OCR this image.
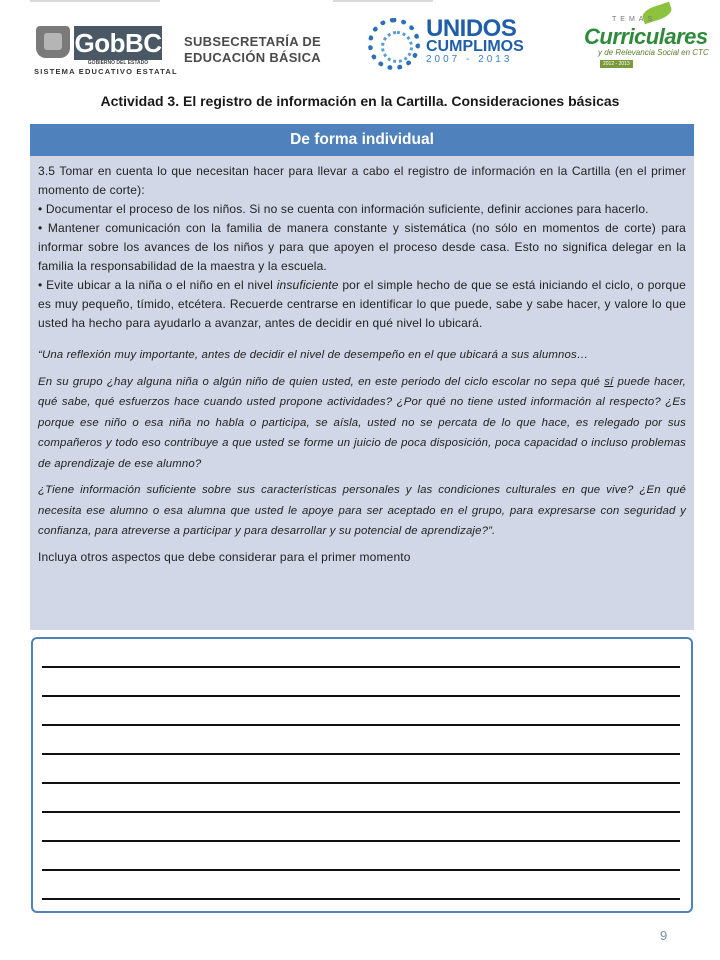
GobBC
GOBIERNO DEL ESTADO
SISTEMA EDUCATIVO ESTATAL
SUBSECRETARÍA DE
EDUCACIÓN BÁSICA
UNIDOS
CUMPLIMOS
2007 - 2013
TEMAS
Curriculares
y de Relevancia Social en CTC
2012 - 2013
Actividad 3. El registro de información en la Cartilla. Consideraciones básicas
De forma individual

3.5 Tomar en cuenta lo que necesitan hacer para llevar a cabo el registro de información en la Cartilla (en el primer momento de corte):

• Documentar el proceso de los niños. Si no se cuenta con información suficiente, definir acciones para hacerlo.

• Mantener comunicación con la familia de manera constante y sistemática (no sólo en momentos de corte) para informar sobre los avances de los niños y para que apoyen el proceso desde casa. Esto no significa delegar en la familia la responsabilidad de la maestra y la escuela.

• Evite ubicar a la niña o el niño en el nivel insuficiente por el simple hecho de que se está iniciando el ciclo, o porque es muy pequeño, tímido, etcétera. Recuerde centrarse en identificar lo que puede, sabe y sabe hacer, y valore lo que usted ha hecho para ayudarlo a avanzar, antes de decidir en qué nivel lo ubicará.

“Una reflexión muy importante, antes de decidir el nivel de desempeño en el que ubicará a sus alumnos…

En su grupo ¿hay alguna niña o algún niño de quien usted, en este periodo del ciclo escolar no sepa qué sí puede hacer, qué sabe, qué esfuerzos hace cuando usted propone actividades? ¿Por qué no tiene usted información al respecto? ¿Es porque ese niño o esa niña no habla o participa, se aísla, usted no se percata de lo que hace, es relegado por sus compañeros y todo eso contribuye a que usted se forme un juicio de poca disposición, poca capacidad o incluso problemas de aprendizaje de ese alumno?

¿Tiene información suficiente sobre sus características personales y las condiciones culturales en que vive? ¿En qué necesita ese alumno o esa alumna que usted le apoye para ser aceptado en el grupo, para expresarse con seguridad y confianza, para atreverse a participar y para desarrollar y su potencial de aprendizaje?”.

Incluya otros aspectos que debe considerar para el primer momento

9
